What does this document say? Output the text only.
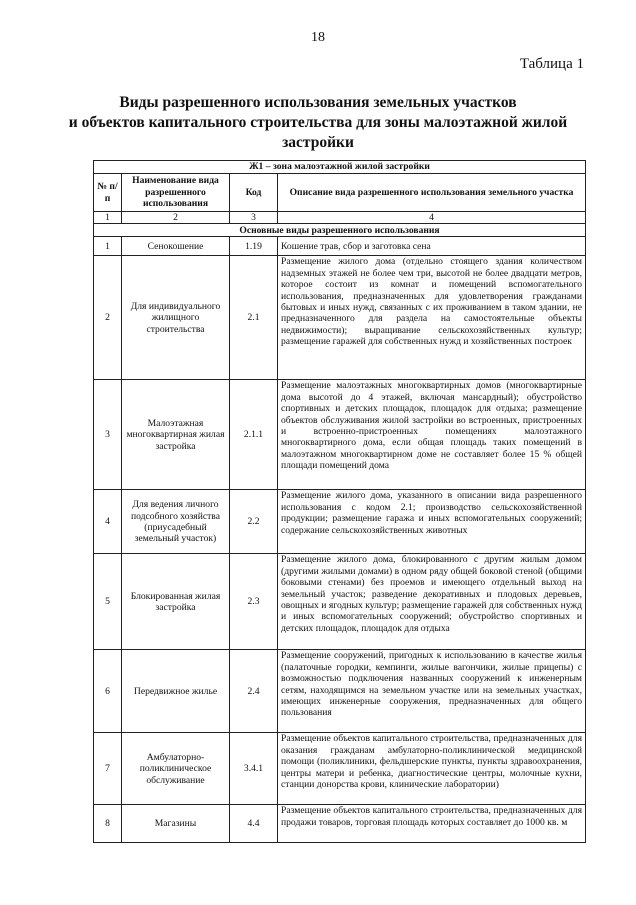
18
Таблица 1
Виды разрешенного использования земельных участков
и объектов капитального строительства для зоны малоэтажной жилой
застройки
Ж1 – зона малоэтажной жилой застройки			
№ п/п	Наименование вида разрешенного использования	Код	Описание вида разрешенного использования земельного участка
1	2	3	4
Основные виды разрешенного использования			
1	Сенокошение	1.19	Кошение трав, сбор и заготовка сена
2	Для индивидуального жилищного строительства	2.1	Размещение жилого дома (отдельно стоящего здания количеством надземных этажей не более чем три, высотой не более двадцати метров, которое состоит из комнат и помещений вспомогательного использования, предназначенных для удовлетворения гражданами бытовых и иных нужд, связанных с их проживанием в таком здании, не предназначенного для раздела на самостоятельные объекты недвижимости); выращивание сельскохозяйственных культур; размещение гаражей для собственных нужд и хозяйственных построек
3	Малоэтажная многоквартирная жилая застройка	2.1.1	Размещение малоэтажных многоквартирных домов (многоквартирные дома высотой до 4 этажей, включая мансардный); обустройство спортивных и детских площадок, площадок для отдыха; размещение объектов обслуживания жилой застройки во встроенных, пристроенных и встроенно-пристроенных помещениях малоэтажного многоквартирного дома, если общая площадь таких помещений в малоэтажном многоквартирном доме не составляет более 15 % общей площади помещений дома
4	Для ведения личного подсобного хозяйства (приусадебный земельный участок)	2.2	Размещение жилого дома, указанного в описании вида разрешенного использования с кодом 2.1; производство сельскохозяйственной продукции; размещение гаража и иных вспомогательных сооружений; содержание сельскохозяйственных животных
5	Блокированная жилая застройка	2.3	Размещение жилого дома, блокированного с другим жилым домом (другими жилыми домами) в одном ряду общей боковой стеной (общими боковыми стенами) без проемов и имеющего отдельный выход на земельный участок; разведение декоративных и плодовых деревьев, овощных и ягодных культур; размещение гаражей для собственных нужд и иных вспомогательных сооружений; обустройство спортивных и детских площадок, площадок для отдыха
6	Передвижное жилье	2.4	Размещение сооружений, пригодных к использованию в качестве жилья (палаточные городки, кемпинги, жилые вагончики, жилые прицепы) с возможностью подключения названных сооружений к инженерным сетям, находящимся на земельном участке или на земельных участках, имеющих инженерные сооружения, предназначенных для общего пользования
7	Амбулаторно-поликлиническое обслуживание	3.4.1	Размещение объектов капитального строительства, предназначенных для оказания гражданам амбулаторно-поликлинической медицинской помощи (поликлиники, фельдшерские пункты, пункты здравоохранения, центры матери и ребенка, диагностические центры, молочные кухни, станции донорства крови, клинические лаборатории)
8	Магазины	4.4	Размещение объектов капитального строительства, предназначенных для продажи товаров, торговая площадь которых составляет до 1000 кв. м
